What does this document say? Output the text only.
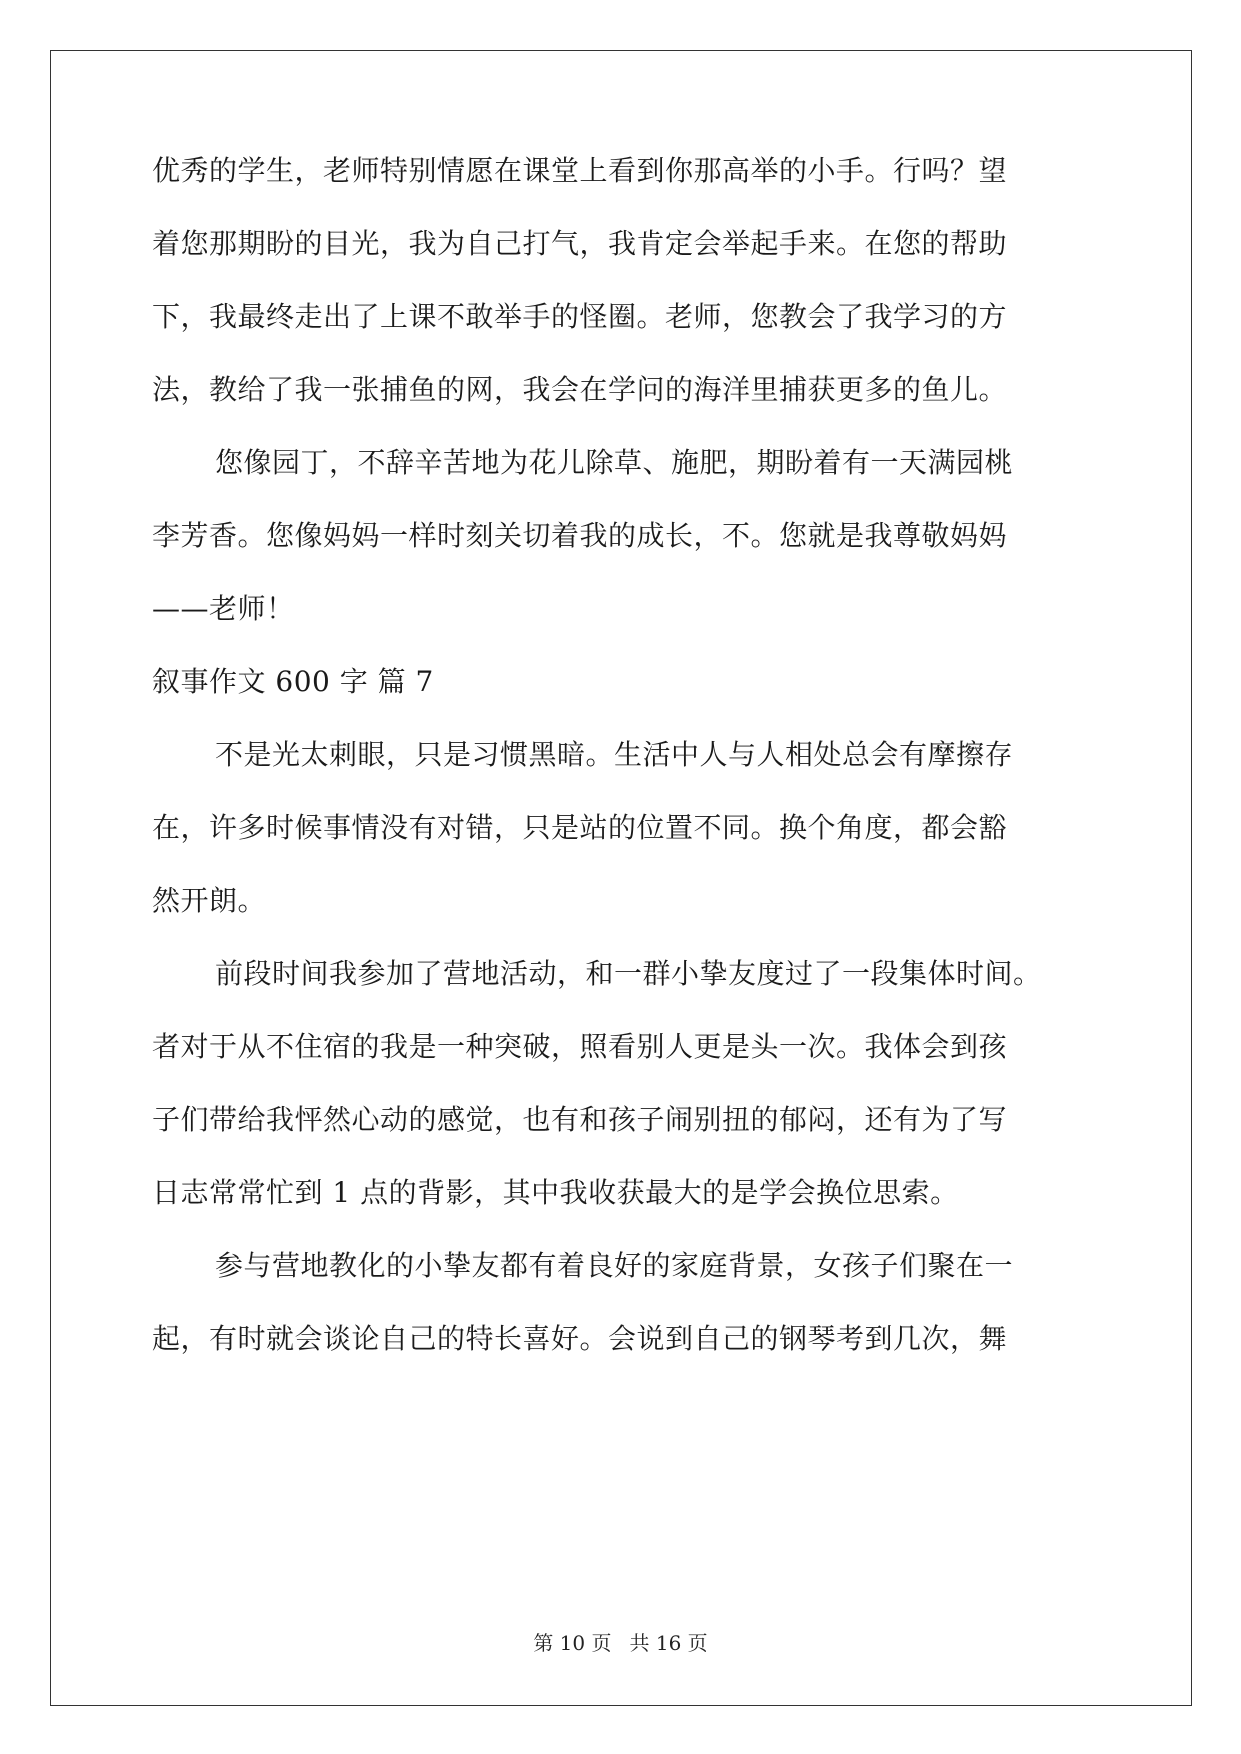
优秀的学生，老师特别情愿在课堂上看到你那高举的小手。行吗？望
着您那期盼的目光，我为自己打气，我肯定会举起手来。在您的帮助
下，我最终走出了上课不敢举手的怪圈。老师，您教会了我学习的方
法，教给了我一张捕鱼的网，我会在学问的海洋里捕获更多的鱼儿。
您像园丁，不辞辛苦地为花儿除草、施肥，期盼着有一天满园桃
李芳香。您像妈妈一样时刻关切着我的成长，不。您就是我尊敬妈妈
——老师！
叙事作文 600 字 篇 7
不是光太刺眼，只是习惯黑暗。生活中人与人相处总会有摩擦存
在，许多时候事情没有对错，只是站的位置不同。换个角度，都会豁
然开朗。
前段时间我参加了营地活动，和一群小挚友度过了一段集体时间。
者对于从不住宿的我是一种突破，照看别人更是头一次。我体会到孩
子们带给我怦然心动的感觉，也有和孩子闹别扭的郁闷，还有为了写
日志常常忙到 1 点的背影，其中我收获最大的是学会换位思索。
参与营地教化的小挚友都有着良好的家庭背景，女孩子们聚在一
起，有时就会谈论自己的特长喜好。会说到自己的钢琴考到几次，舞
第 10 页 共 16 页
